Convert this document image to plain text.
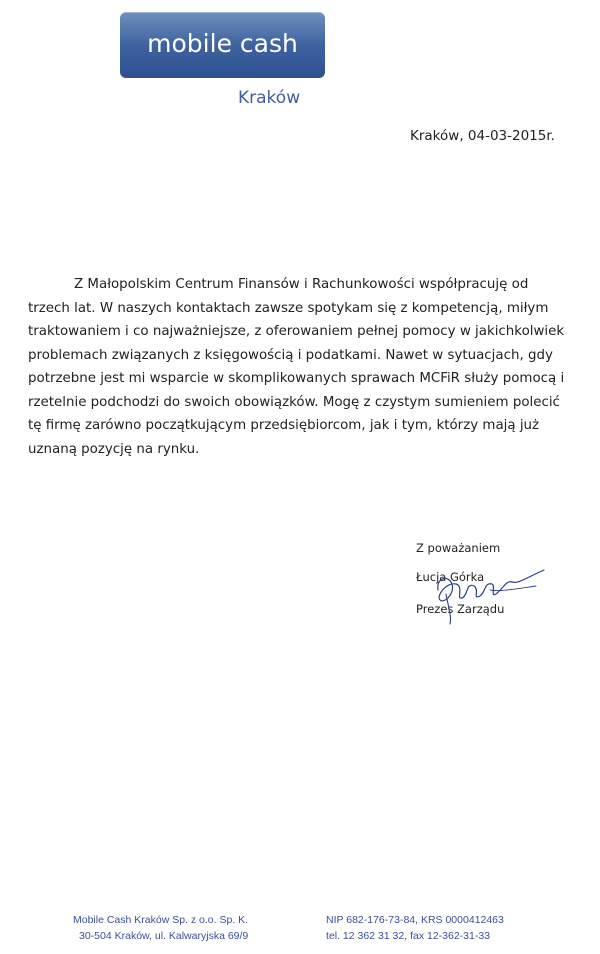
mobile cash
Kraków
Kraków, 04-03-2015r.

Z Małopolskim Centrum Finansów i Rachunkowości współpracuję od trzech lat. W naszych kontaktach zawsze spotykam się z kompetencją, miłym traktowaniem i co najważniejsze, z oferowaniem pełnej pomocy w jakichkolwiek problemach związanych z księgowością i podatkami. Nawet w sytuacjach, gdy potrzebne jest mi wsparcie w skomplikowanych sprawach MCFiR służy pomocą i rzetelnie podchodzi do swoich obowiązków. Mogę z czystym sumieniem polecić tę firmę zarówno początkującym przedsiębiorcom, jak i tym, którzy mają już uznaną pozycję na rynku.

Z poważaniem
Łucja Górka
Prezes Zarządu
Mobile Cash Kraków Sp. z o.o. Sp. K.
30-504 Kraków, ul. Kalwaryjska 69/9
NIP 682-176-73-84, KRS 0000412463
tel. 12 362 31 32, fax 12-362-31-33
